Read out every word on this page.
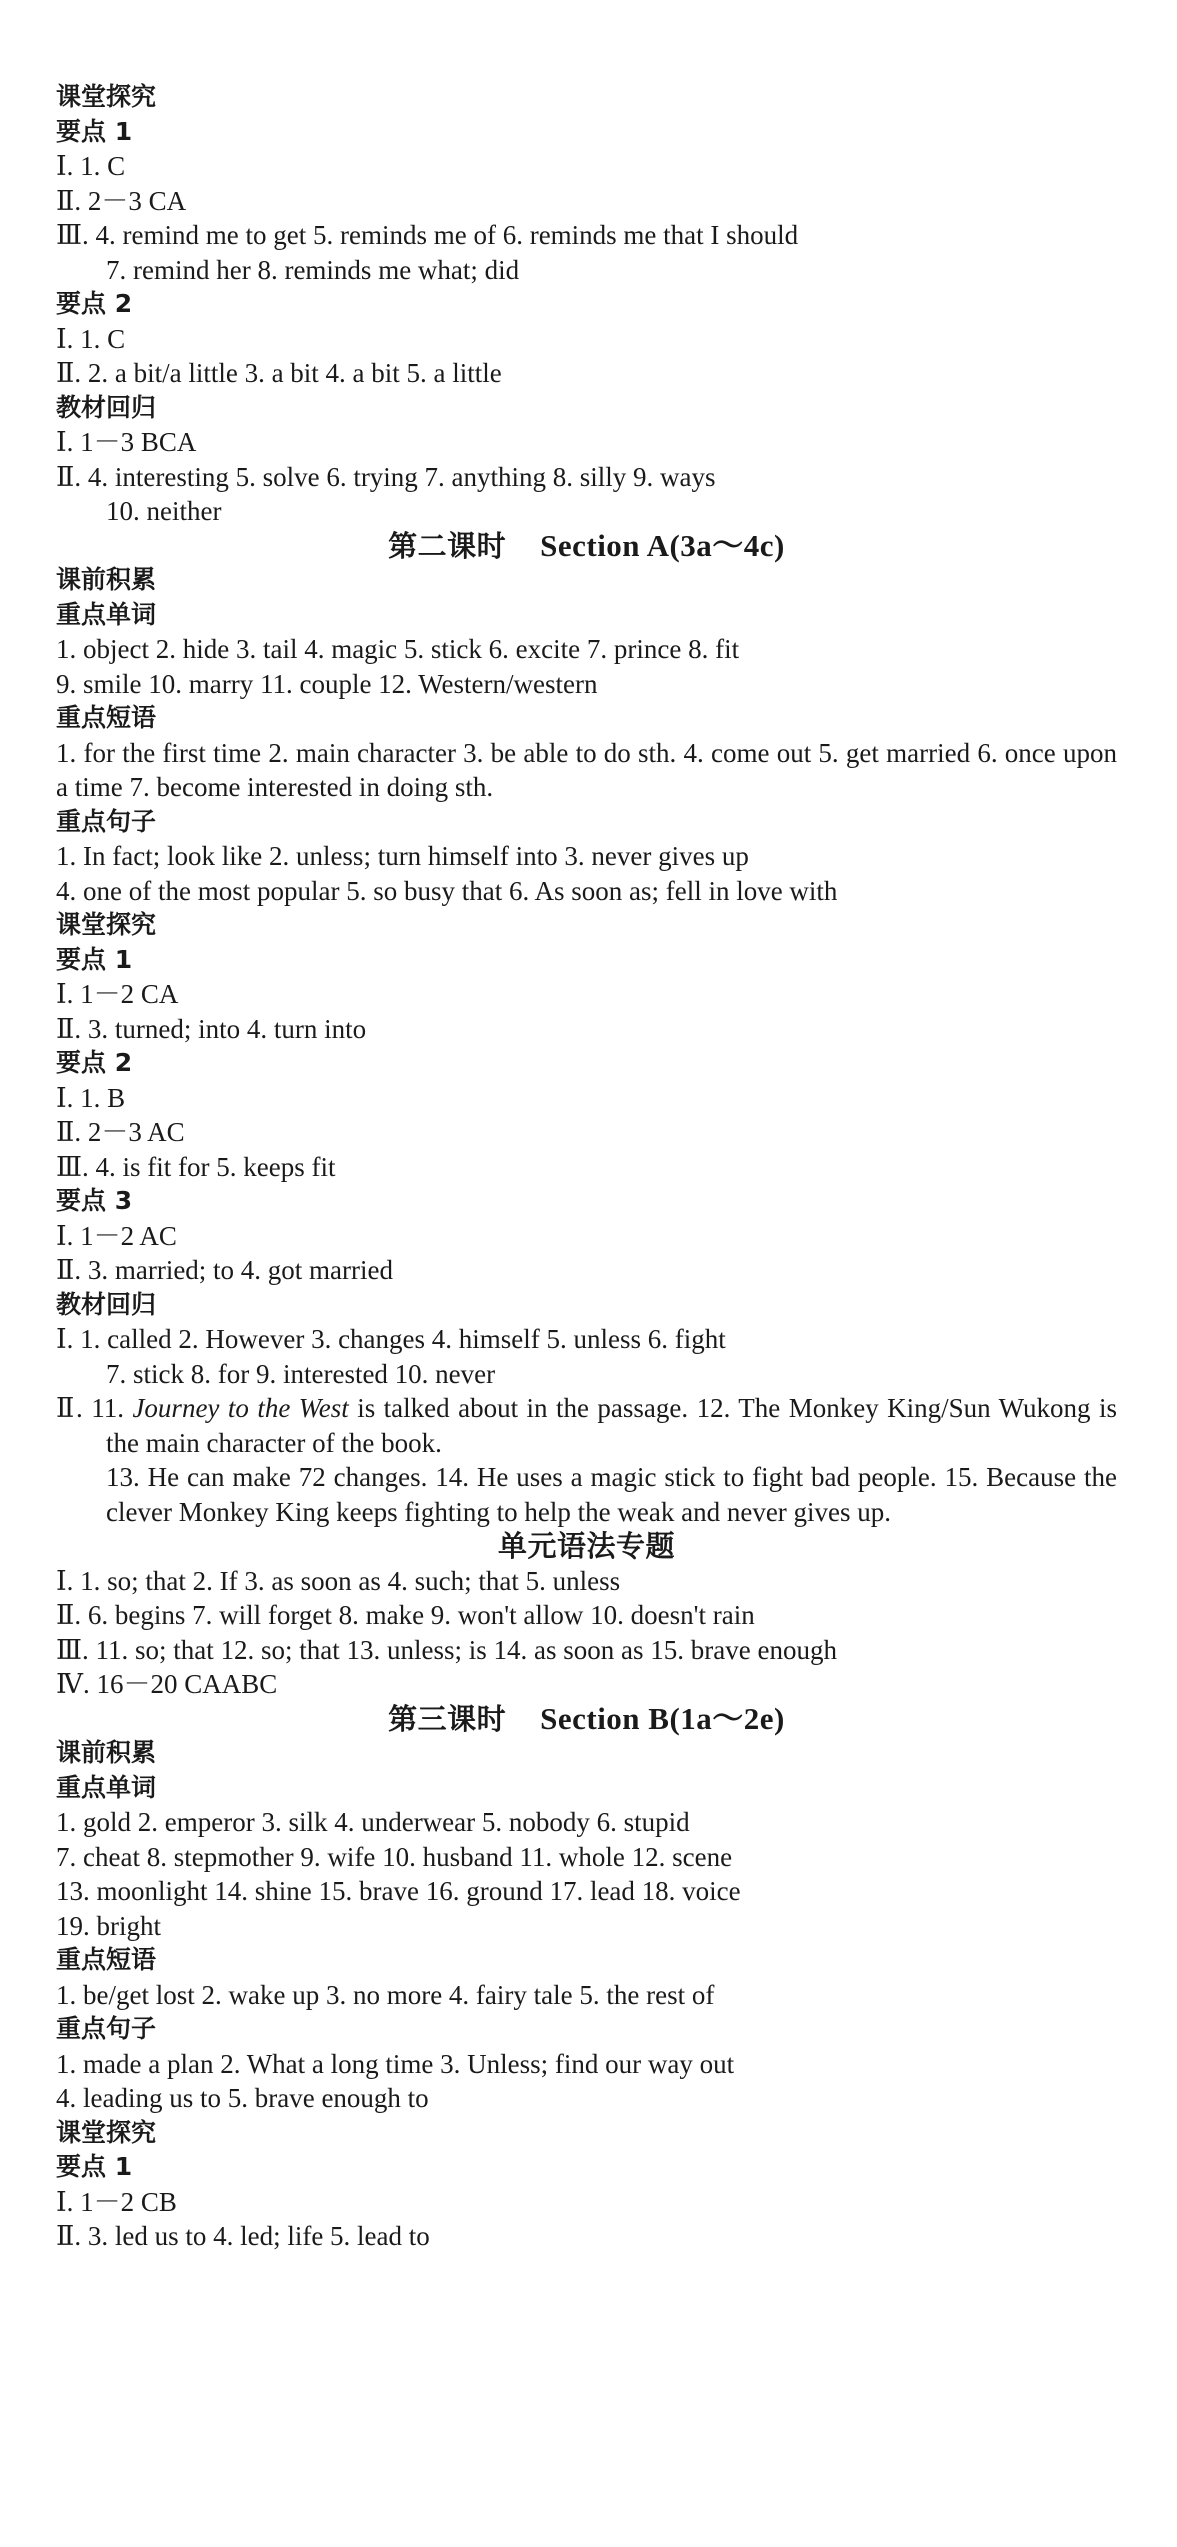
课堂探究
要点 1
Ⅰ. 1. C
Ⅱ. 2－3 CA
Ⅲ. 4. remind me to get 5. reminds me of 6. reminds me that I should
7. remind her 8. reminds me what; did
要点 2
Ⅰ. 1. C
Ⅱ. 2. a bit/a little 3. a bit 4. a bit 5. a little
教材回归
Ⅰ. 1－3 BCA
Ⅱ. 4. interesting 5. solve 6. trying 7. anything 8. silly 9. ways
10. neither
第二课时 Section A(3a～4c)
课前积累
重点单词
1. object 2. hide 3. tail 4. magic 5. stick 6. excite 7. prince 8. fit
9. smile 10. marry 11. couple 12. Western/western
重点短语
1. for the first time 2. main character 3. be able to do sth. 4. come out 5. get married 6. once upon a time 7. become interested in doing sth.
重点句子
1. In fact; look like 2. unless; turn himself into 3. never gives up
4. one of the most popular 5. so busy that 6. As soon as; fell in love with
课堂探究
要点 1
Ⅰ. 1－2 CA
Ⅱ. 3. turned; into 4. turn into
要点 2
Ⅰ. 1. B
Ⅱ. 2－3 AC
Ⅲ. 4. is fit for 5. keeps fit
要点 3
Ⅰ. 1－2 AC
Ⅱ. 3. married; to 4. got married
教材回归
Ⅰ. 1. called 2. However 3. changes 4. himself 5. unless 6. fight
7. stick 8. for 9. interested 10. never
Ⅱ. 11. Journey to the West is talked about in the passage. 12. The Monkey King/Sun Wukong is the main character of the book.
13. He can make 72 changes. 14. He uses a magic stick to fight bad people. 15. Because the clever Monkey King keeps fighting to help the weak and never gives up.
单元语法专题
Ⅰ. 1. so; that 2. If 3. as soon as 4. such; that 5. unless
Ⅱ. 6. begins 7. will forget 8. make 9. won't allow 10. doesn't rain
Ⅲ. 11. so; that 12. so; that 13. unless; is 14. as soon as 15. brave enough
Ⅳ. 16－20 CAABC
第三课时 Section B(1a～2e)
课前积累
重点单词
1. gold 2. emperor 3. silk 4. underwear 5. nobody 6. stupid
7. cheat 8. stepmother 9. wife 10. husband 11. whole 12. scene
13. moonlight 14. shine 15. brave 16. ground 17. lead 18. voice
19. bright
重点短语
1. be/get lost 2. wake up 3. no more 4. fairy tale 5. the rest of
重点句子
1. made a plan 2. What a long time 3. Unless; find our way out
4. leading us to 5. brave enough to
课堂探究
要点 1
Ⅰ. 1－2 CB
Ⅱ. 3. led us to 4. led; life 5. lead to
